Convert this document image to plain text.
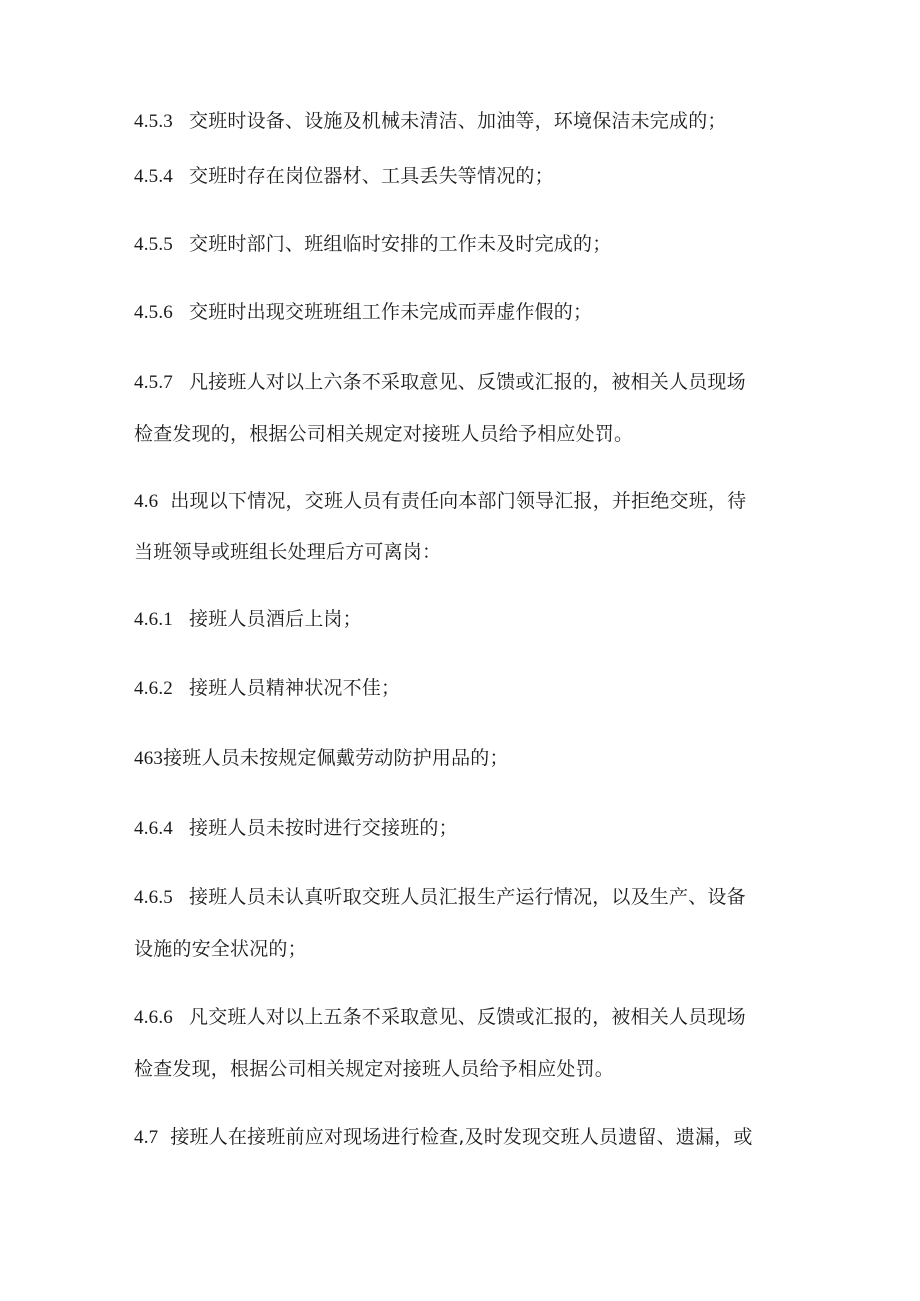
4.5.3 交班时设备、设施及机械未清洁、加油等，环境保洁未完成的；
4.5.4 交班时存在岗位器材、工具丢失等情况的；
4.5.5 交班时部门、班组临时安排的工作未及时完成的；
4.5.6 交班时出现交班班组工作未完成而弄虚作假的；
4.5.7 凡接班人对以上六条不采取意见、反馈或汇报的，被相关人员现场
检查发现的，根据公司相关规定对接班人员给予相应处罚。
4.6 出现以下情况，交班人员有责任向本部门领导汇报，并拒绝交班，待
当班领导或班组长处理后方可离岗：
4.6.1 接班人员酒后上岗；
4.6.2 接班人员精神状况不佳；
463接班人员未按规定佩戴劳动防护用品的；
4.6.4 接班人员未按时进行交接班的；
4.6.5 接班人员未认真听取交班人员汇报生产运行情况，以及生产、设备
设施的安全状况的；
4.6.6 凡交班人对以上五条不采取意见、反馈或汇报的，被相关人员现场
检查发现，根据公司相关规定对接班人员给予相应处罚。
4.7 接班人在接班前应对现场进行检查,及时发现交班人员遗留、遗漏，或
